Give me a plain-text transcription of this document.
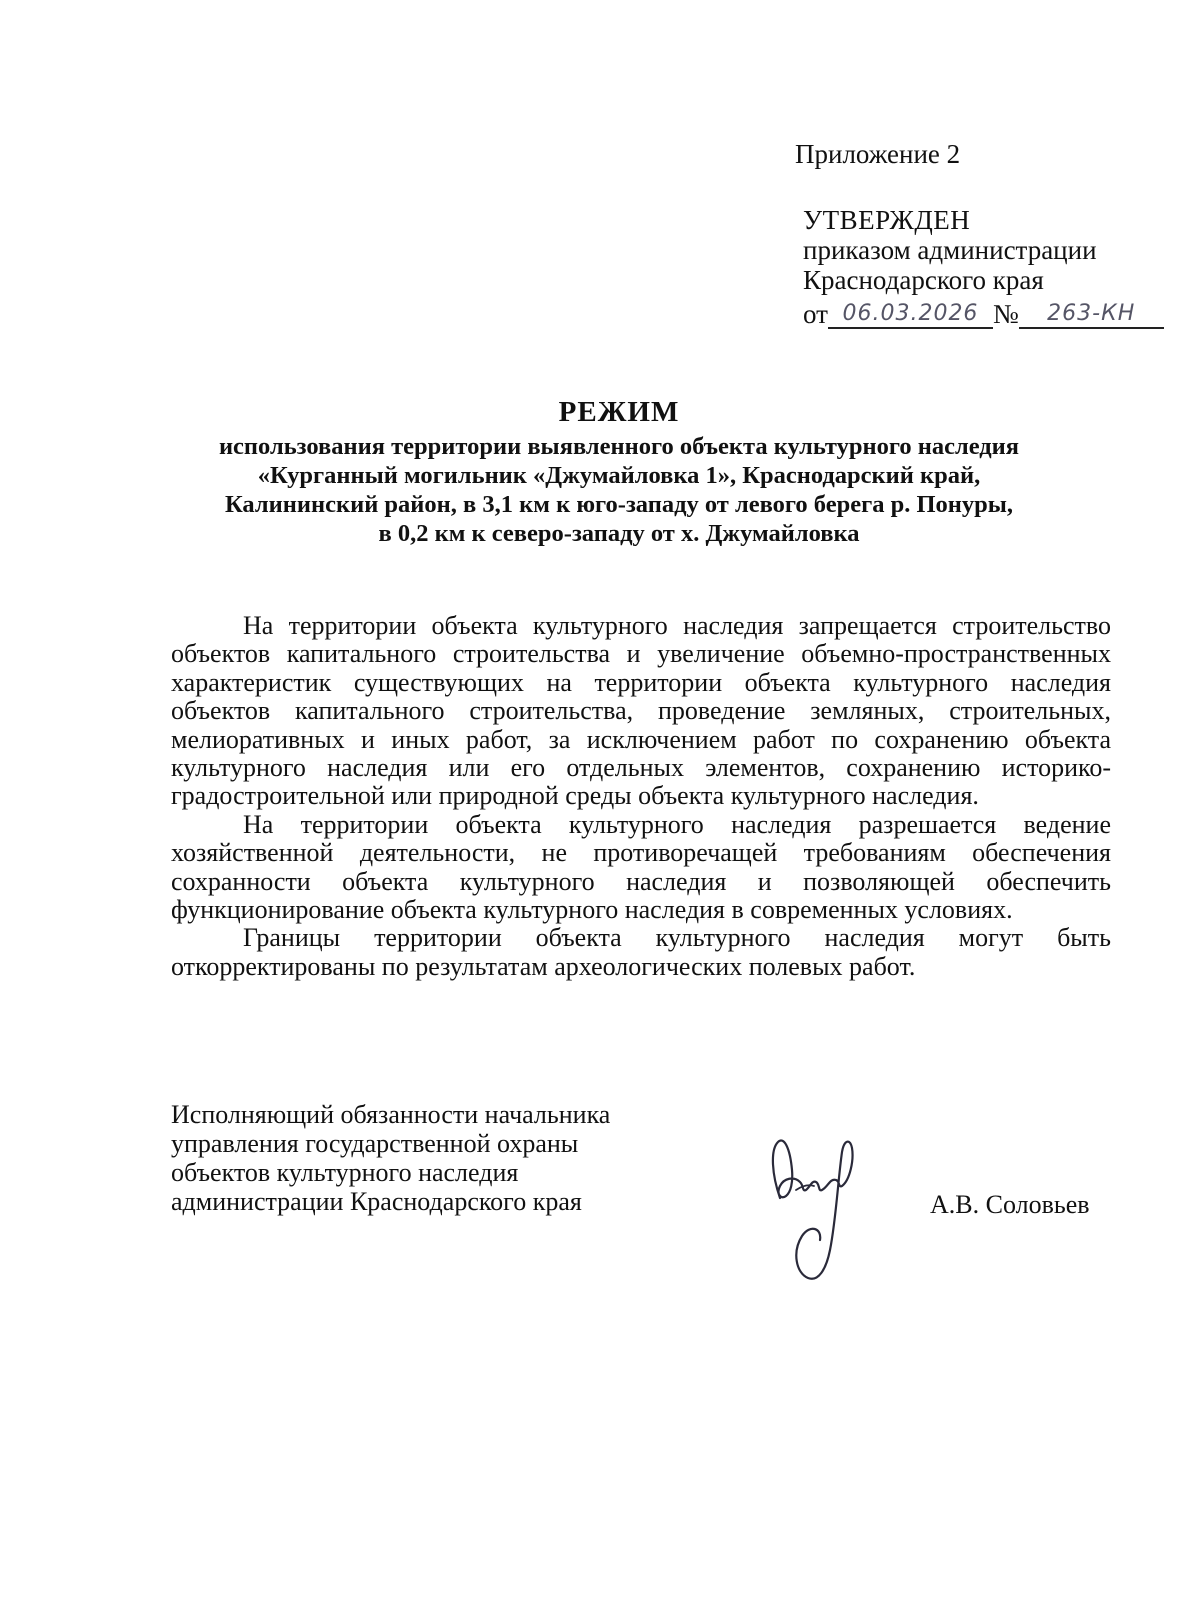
Приложение 2
УТВЕРЖДЕН
приказом администрации
Краснодарского края
от 06.03.2026 №	263-КН
РЕЖИМ
использования территории выявленного объекта культурного наследия
«Курганный могильник «Джумайловка 1», Краснодарский край,
Калининский район, в 3,1 км к юго-западу от левого берега р. Понуры,
в 0,2 км к северо-западу от х. Джумайловка

На территории объекта культурного наследия запрещается строительство объектов капитального строительства и увеличение объемно-пространственных характеристик существующих на территории объекта культурного наследия объектов капитального строительства, проведение земляных, строительных, мелиоративных и иных работ, за исключением работ по сохранению объекта культурного наследия или его отдельных элементов, сохранению историко-градостроительной или природной среды объекта культурного наследия.

На территории объекта культурного наследия разрешается ведение хозяйственной деятельности, не противоречащей требованиям обеспечения сохранности объекта культурного наследия и позволяющей обеспечить функционирование объекта культурного наследия в современных условиях.

Границы территории объекта культурного наследия могут быть откорректированы по результатам археологических полевых работ.

Исполняющий обязанности начальника
управления государственной охраны
объектов культурного наследия
администрации Краснодарского края	А.В. Соловьев
